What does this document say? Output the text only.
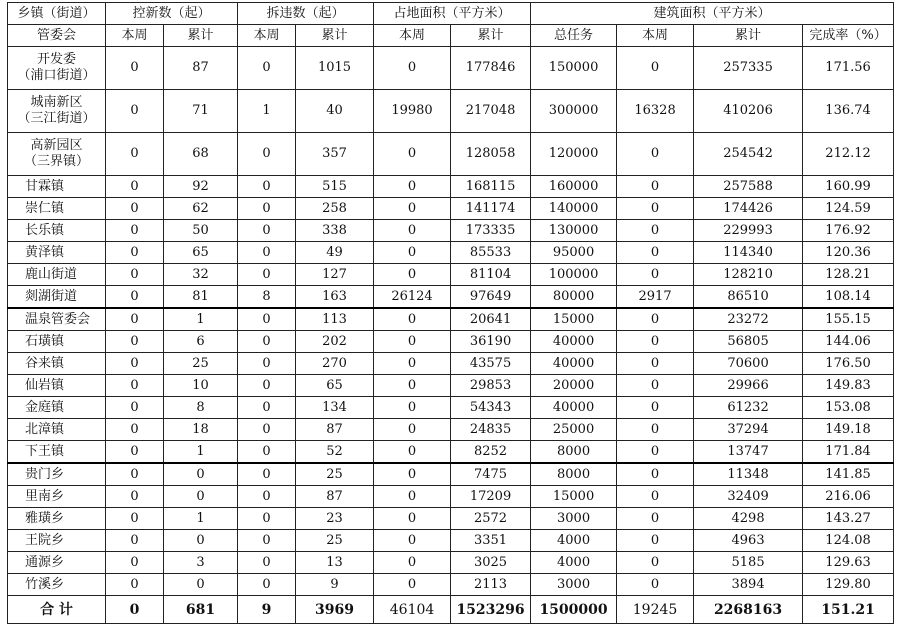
乡镇（街道）	控新数（起）		拆违数（起）		占地面积（平方米）		建筑面积（平方米）			
管委会	本周	累计	本周	累计	本周	累计	总任务	本周	累计	完成率（%）

开发委
（浦口街道）	0	87	0	1015	0	177846	150000	0	257335	171.56

城南新区
（三江街道）	0	71	1	40	19980	217048	300000	16328	410206	136.74

高新园区
（三界镇）	0	68	0	357	0	128058	120000	0	254542	212.12
甘霖镇	0	92	0	515	0	168115	160000	0	257588	160.99
崇仁镇	0	62	0	258	0	141174	140000	0	174426	124.59
长乐镇	0	50	0	338	0	173335	130000	0	229993	176.92
黄泽镇	0	65	0	49	0	85533	95000	0	114340	120.36
鹿山街道	0	32	0	127	0	81104	100000	0	128210	128.21
剡湖街道	0	81	8	163	26124	97649	80000	2917	86510	108.14
温泉管委会	0	1	0	113	0	20641	15000	0	23272	155.15
石璜镇	0	6	0	202	0	36190	40000	0	56805	144.06
谷来镇	0	25	0	270	0	43575	40000	0	70600	176.50
仙岩镇	0	10	0	65	0	29853	20000	0	29966	149.83
金庭镇	0	8	0	134	0	54343	40000	0	61232	153.08
北漳镇	0	18	0	87	0	24835	25000	0	37294	149.18
下王镇	0	1	0	52	0	8252	8000	0	13747	171.84
贵门乡	0	0	0	25	0	7475	8000	0	11348	141.85
里南乡	0	0	0	87	0	17209	15000	0	32409	216.06
雅璜乡	0	1	0	23	0	2572	3000	0	4298	143.27
王院乡	0	0	0	25	0	3351	4000	0	4963	124.08
通源乡	0	3	0	13	0	3025	4000	0	5185	129.63
竹溪乡	0	0	0	9	0	2113	3000	0	3894	129.80
合 计	0	681	9	3969	46104	1523296	1500000	19245	2268163	151.21
